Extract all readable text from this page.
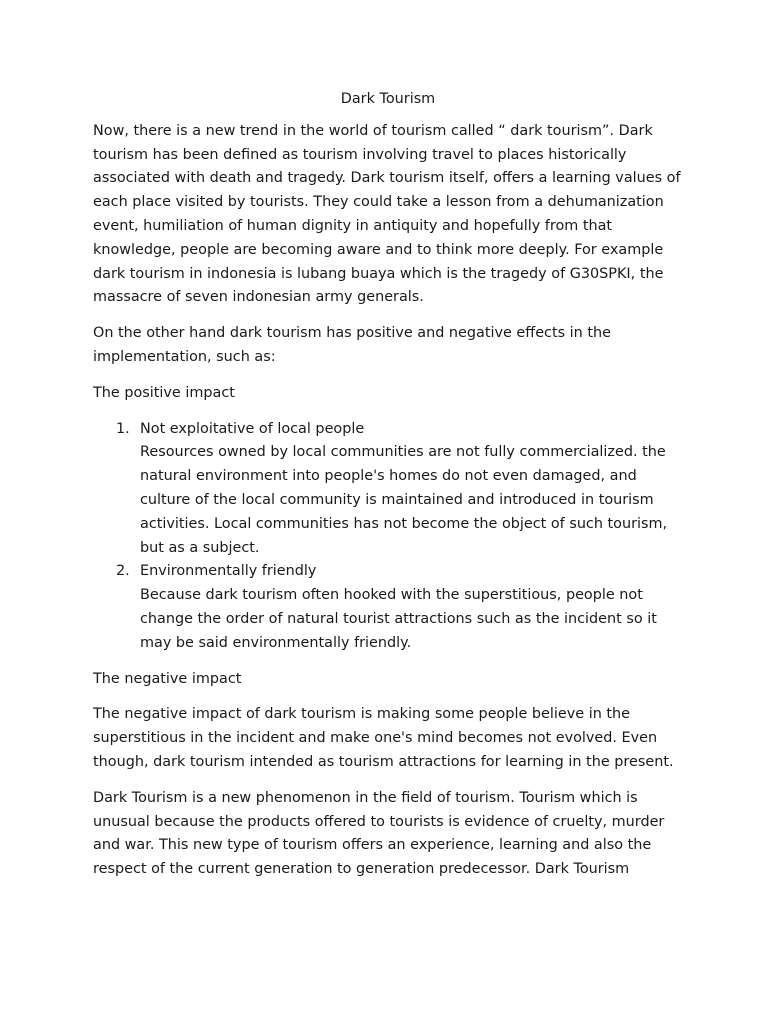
Dark Tourism

Now, there is a new trend in the world of tourism called “ dark tourism”. Dark tourism has been defined as tourism involving travel to places historically associated with death and tragedy. Dark tourism itself, offers a learning values of each place visited by tourists. They could take a lesson from a dehumanization event, humiliation of human dignity in antiquity and hopefully from that knowledge, people are becoming aware and to think more deeply. For example dark tourism in indonesia is lubang buaya which is the tragedy of G30SPKI, the massacre of seven indonesian army generals.

On the other hand dark tourism has positive and negative effects in the implementation, such as:

The positive impact

1. Not exploitative of local people
Resources owned by local communities are not fully commercialized. the natural environment into people's homes do not even damaged, and culture of the local community is maintained and introduced in tourism activities. Local communities has not become the object of such tourism, but as a subject.
2. Environmentally friendly
Because dark tourism often hooked with the superstitious, people not change the order of natural tourist attractions such as the incident so it may be said environmentally friendly.

The negative impact

The negative impact of dark tourism is making some people believe in the superstitious in the incident and make one's mind becomes not evolved. Even though, dark tourism intended as tourism attractions for learning in the present.

Dark Tourism is a new phenomenon in the field of tourism. Tourism which is unusual because the products offered to tourists is evidence of cruelty, murder and war. This new type of tourism offers an experience, learning and also the respect of the current generation to generation predecessor. Dark Tourism
